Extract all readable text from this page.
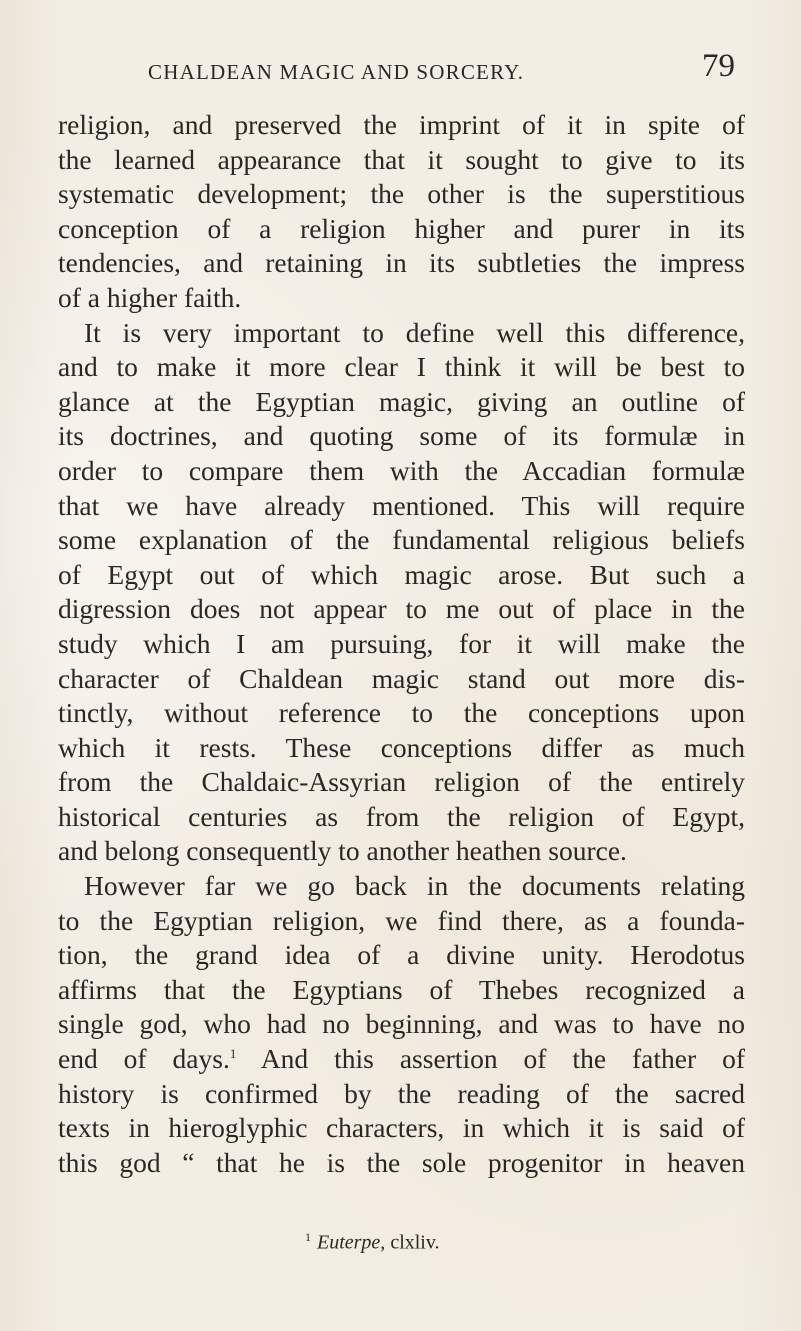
CHALDEAN MAGIC AND SORCERY.	79
religion, and preserved the imprint of it in spite of
the learned appearance that it sought to give to its
systematic development; the other is the superstitious
conception of a religion higher and purer in its
tendencies, and retaining in its subtleties the impress
of a higher faith.
It is very important to define well this difference,
and to make it more clear I think it will be best to
glance at the Egyptian magic, giving an outline of
its doctrines, and quoting some of its formulæ in
order to compare them with the Accadian formulæ
that we have already mentioned. This will require
some explanation of the fundamental religious beliefs
of Egypt out of which magic arose. But such a
digression does not appear to me out of place in the
study which I am pursuing, for it will make the
character of Chaldean magic stand out more dis-
tinctly, without reference to the conceptions upon
which it rests. These conceptions differ as much
from the Chaldaic-Assyrian religion of the entirely
historical centuries as from the religion of Egypt,
and belong consequently to another heathen source.
However far we go back in the documents relating
to the Egyptian religion, we find there, as a founda-
tion, the grand idea of a divine unity. Herodotus
affirms that the Egyptians of Thebes recognized a
single god, who had no beginning, and was to have no
end of days.$^1$ And this assertion of the father of
history is confirmed by the reading of the sacred
texts in hieroglyphic characters, in which it is said of
this god “ that he is the sole progenitor in heaven
$^1$ Euterpe, clxliv.
